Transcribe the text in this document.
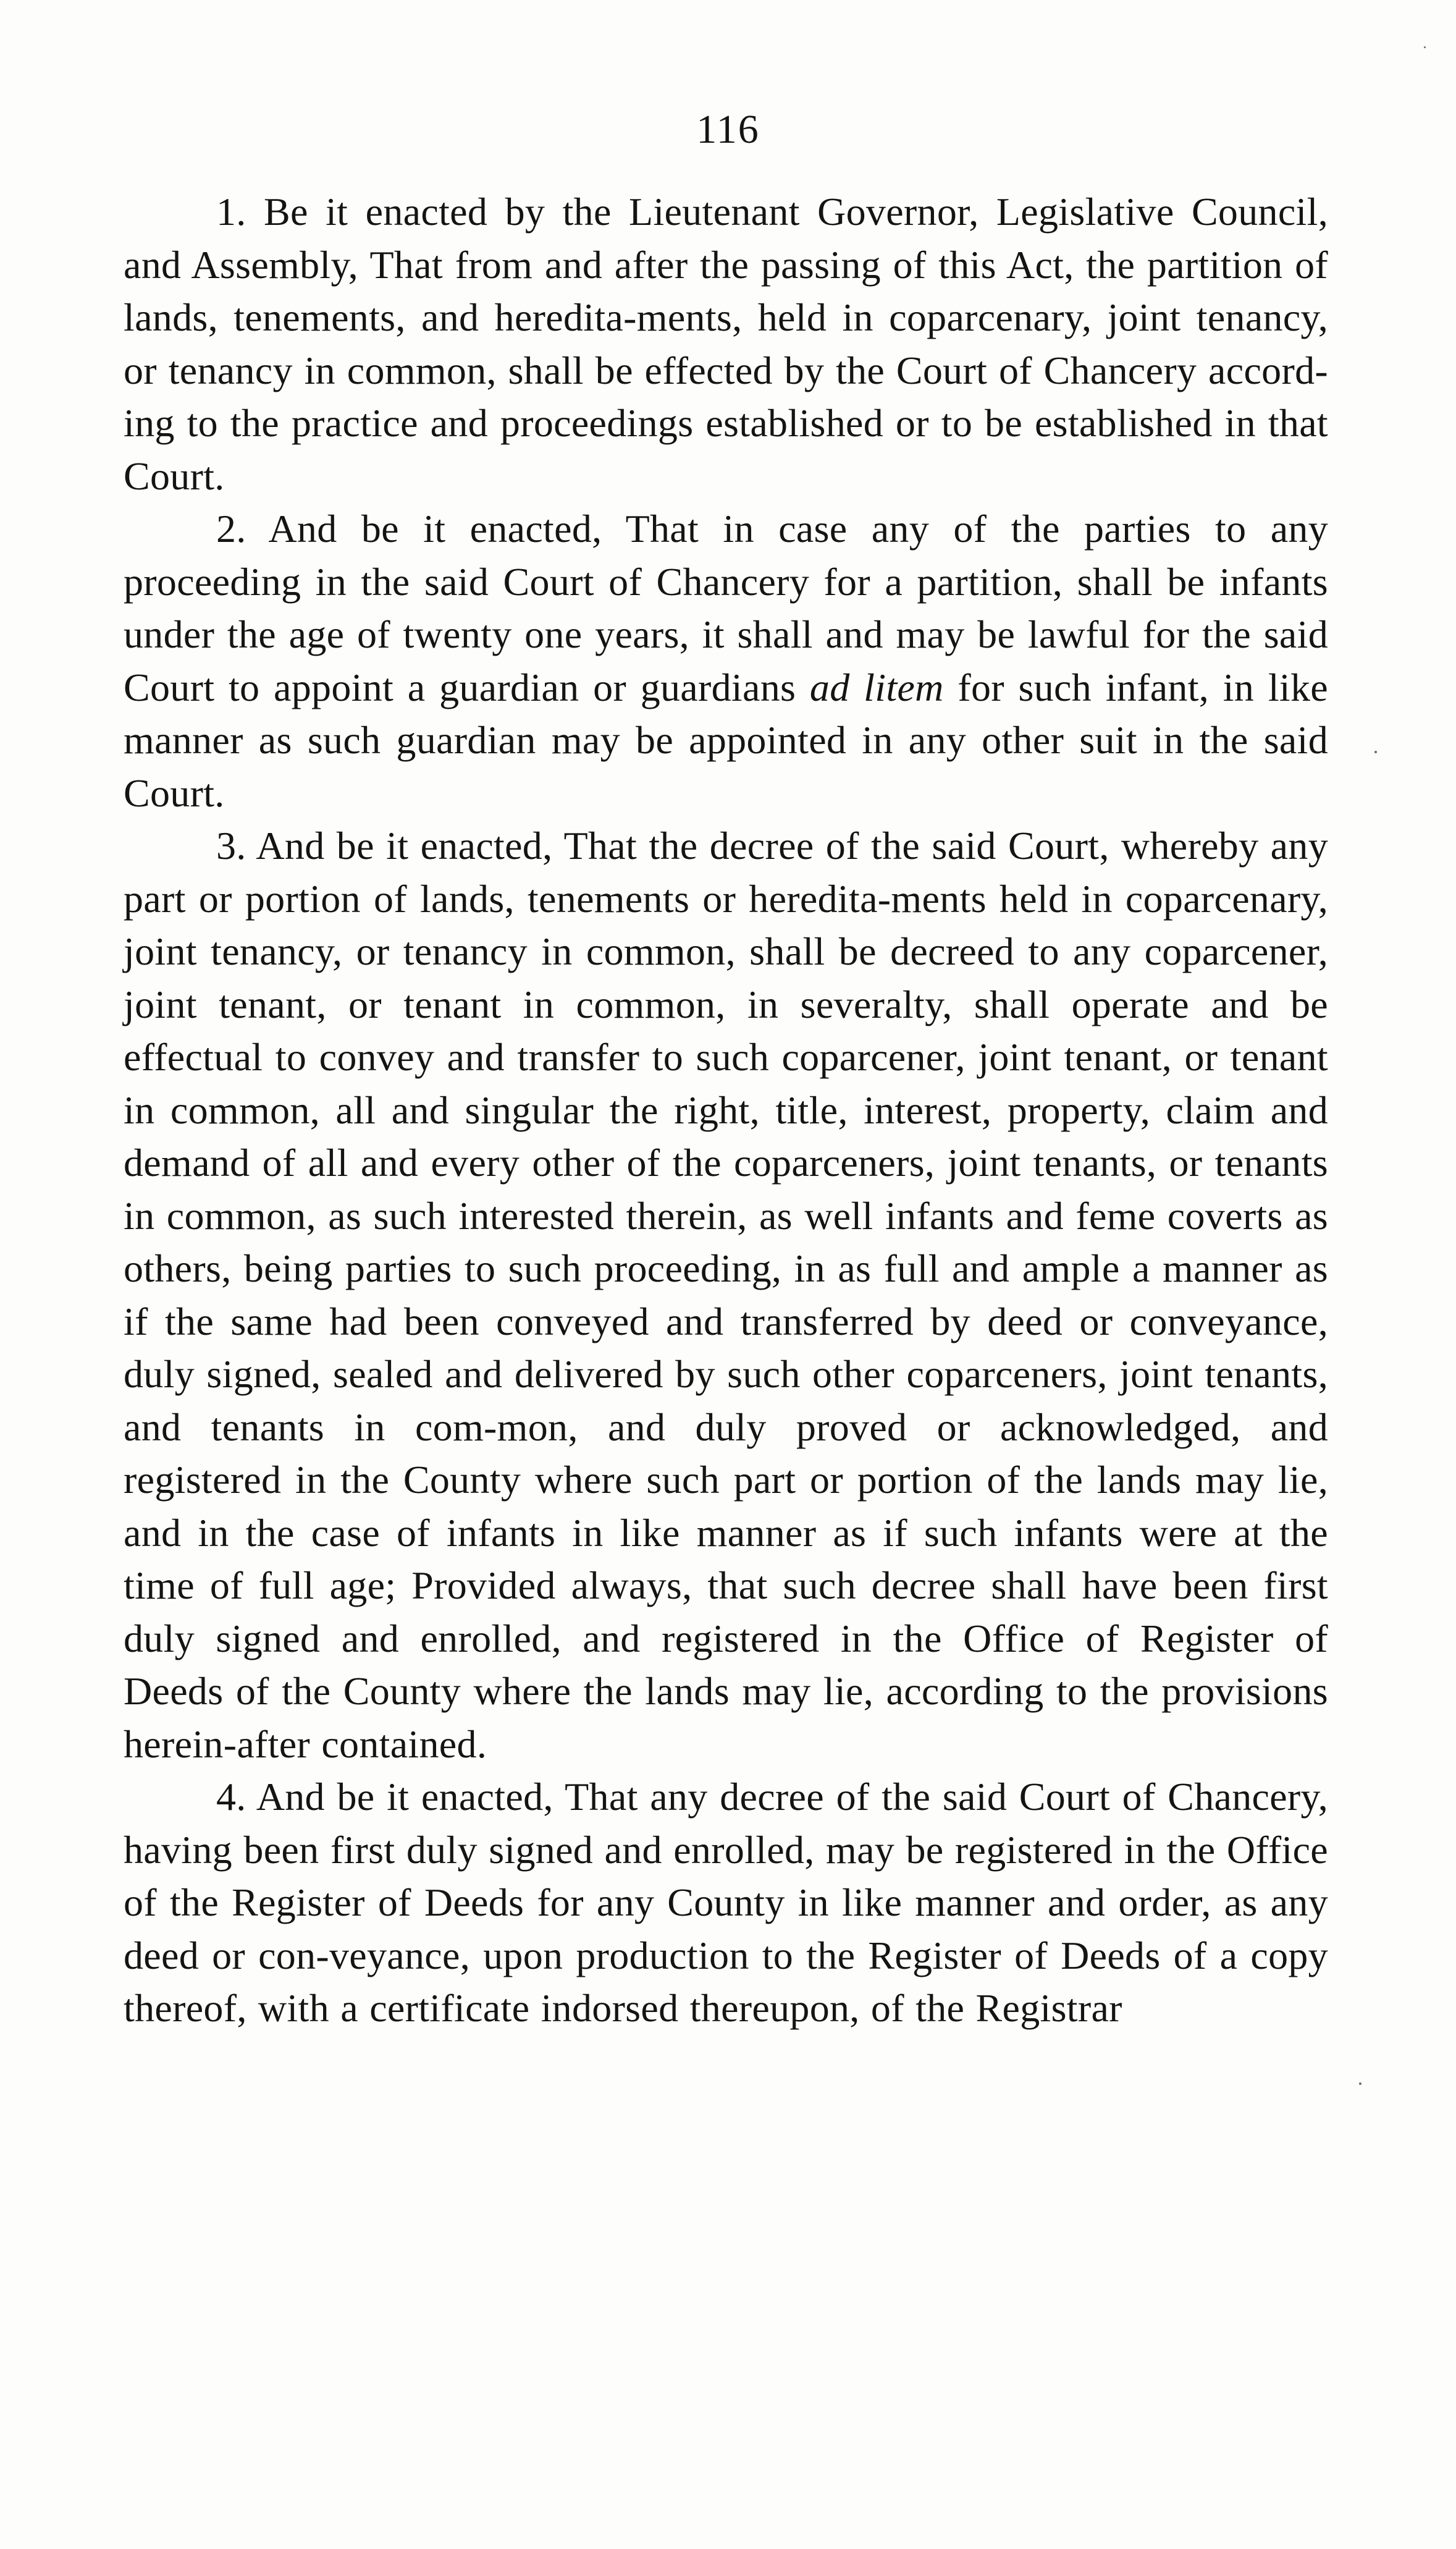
116

1. Be it enacted by the Lieutenant Governor, Legislative Council, and Assembly, That from and after the passing of this Act, the partition of lands, tenements, and heredita-ments, held in coparcenary, joint tenancy, or tenancy in common, shall be effected by the Court of Chancery accord-ing to the practice and proceedings established or to be established in that Court.

2. And be it enacted, That in case any of the parties to any proceeding in the said Court of Chancery for a partition, shall be infants under the age of twenty one years, it shall and may be lawful for the said Court to appoint a guardian or guardians ad litem for such infant, in like manner as such guardian may be appointed in any other suit in the said Court.

3. And be it enacted, That the decree of the said Court, whereby any part or portion of lands, tenements or heredita-ments held in coparcenary, joint tenancy, or tenancy in common, shall be decreed to any coparcener, joint tenant, or tenant in common, in severalty, shall operate and be effectual to convey and transfer to such coparcener, joint tenant, or tenant in common, all and singular the right, title, interest, property, claim and demand of all and every other of the coparceners, joint tenants, or tenants in common, as such interested therein, as well infants and feme coverts as others, being parties to such proceeding, in as full and ample a manner as if the same had been conveyed and transferred by deed or conveyance, duly signed, sealed and delivered by such other coparceners, joint tenants, and tenants in com-mon, and duly proved or acknowledged, and registered in the County where such part or portion of the lands may lie, and in the case of infants in like manner as if such infants were at the time of full age; Provided always, that such decree shall have been first duly signed and enrolled, and registered in the Office of Register of Deeds of the County where the lands may lie, according to the provisions herein-after contained.

4. And be it enacted, That any decree of the said Court of Chancery, having been first duly signed and enrolled, may be registered in the Office of the Register of Deeds for any County in like manner and order, as any deed or con-veyance, upon production to the Register of Deeds of a copy thereof, with a certificate indorsed thereupon, of the Registrar
